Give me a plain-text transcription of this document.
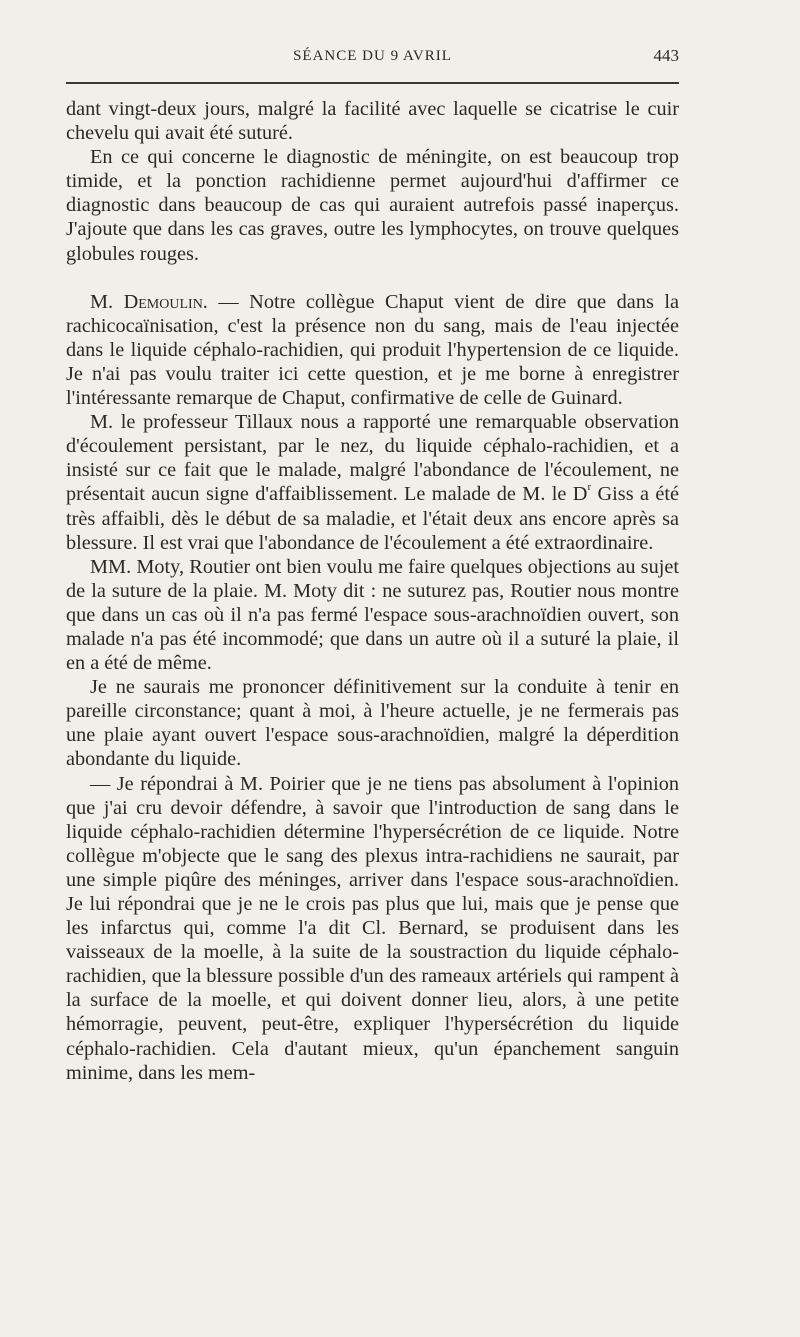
SÉANCE DU 9 AVRIL	443

dant vingt-deux jours, malgré la facilité avec laquelle se cicatrise le cuir chevelu qui avait été suturé.

En ce qui concerne le diagnostic de méningite, on est beaucoup trop timide, et la ponction rachidienne permet aujourd'hui d'affirmer ce diagnostic dans beaucoup de cas qui auraient autrefois passé inaperçus. J'ajoute que dans les cas graves, outre les lymphocytes, on trouve quelques globules rouges.

M. Demoulin. — Notre collègue Chaput vient de dire que dans la rachicocaïnisation, c'est la présence non du sang, mais de l'eau injectée dans le liquide céphalo-rachidien, qui produit l'hypertension de ce liquide. Je n'ai pas voulu traiter ici cette question, et je me borne à enregistrer l'intéressante remarque de Chaput, confirmative de celle de Guinard.

M. le professeur Tillaux nous a rapporté une remarquable observation d'écoulement persistant, par le nez, du liquide céphalo-rachidien, et a insisté sur ce fait que le malade, malgré l'abondance de l'écoulement, ne présentait aucun signe d'affaiblissement. Le malade de M. le $D^r$ Giss a été très affaibli, dès le début de sa maladie, et l'était deux ans encore après sa blessure. Il est vrai que l'abondance de l'écoulement a été extraordinaire.

MM. Moty, Routier ont bien voulu me faire quelques objections au sujet de la suture de la plaie. M. Moty dit : ne suturez pas, Routier nous montre que dans un cas où il n'a pas fermé l'espace sous-arachnoïdien ouvert, son malade n'a pas été incommodé; que dans un autre où il a suturé la plaie, il en a été de même.

Je ne saurais me prononcer définitivement sur la conduite à tenir en pareille circonstance; quant à moi, à l'heure actuelle, je ne fermerais pas une plaie ayant ouvert l'espace sous-arachnoïdien, malgré la déperdition abondante du liquide.

— Je répondrai à M. Poirier que je ne tiens pas absolument à l'opinion que j'ai cru devoir défendre, à savoir que l'introduction de sang dans le liquide céphalo-rachidien détermine l'hypersécrétion de ce liquide. Notre collègue m'objecte que le sang des plexus intra-rachidiens ne saurait, par une simple piqûre des méninges, arriver dans l'espace sous-arachnoïdien. Je lui répondrai que je ne le crois pas plus que lui, mais que je pense que les infarctus qui, comme l'a dit Cl. Bernard, se produisent dans les vaisseaux de la moelle, à la suite de la soustraction du liquide céphalo-rachidien, que la blessure possible d'un des rameaux artériels qui rampent à la surface de la moelle, et qui doivent donner lieu, alors, à une petite hémorragie, peuvent, peut-être, expliquer l'hypersécrétion du liquide céphalo-rachidien. Cela d'autant mieux, qu'un épanchement sanguin minime, dans les mem-
